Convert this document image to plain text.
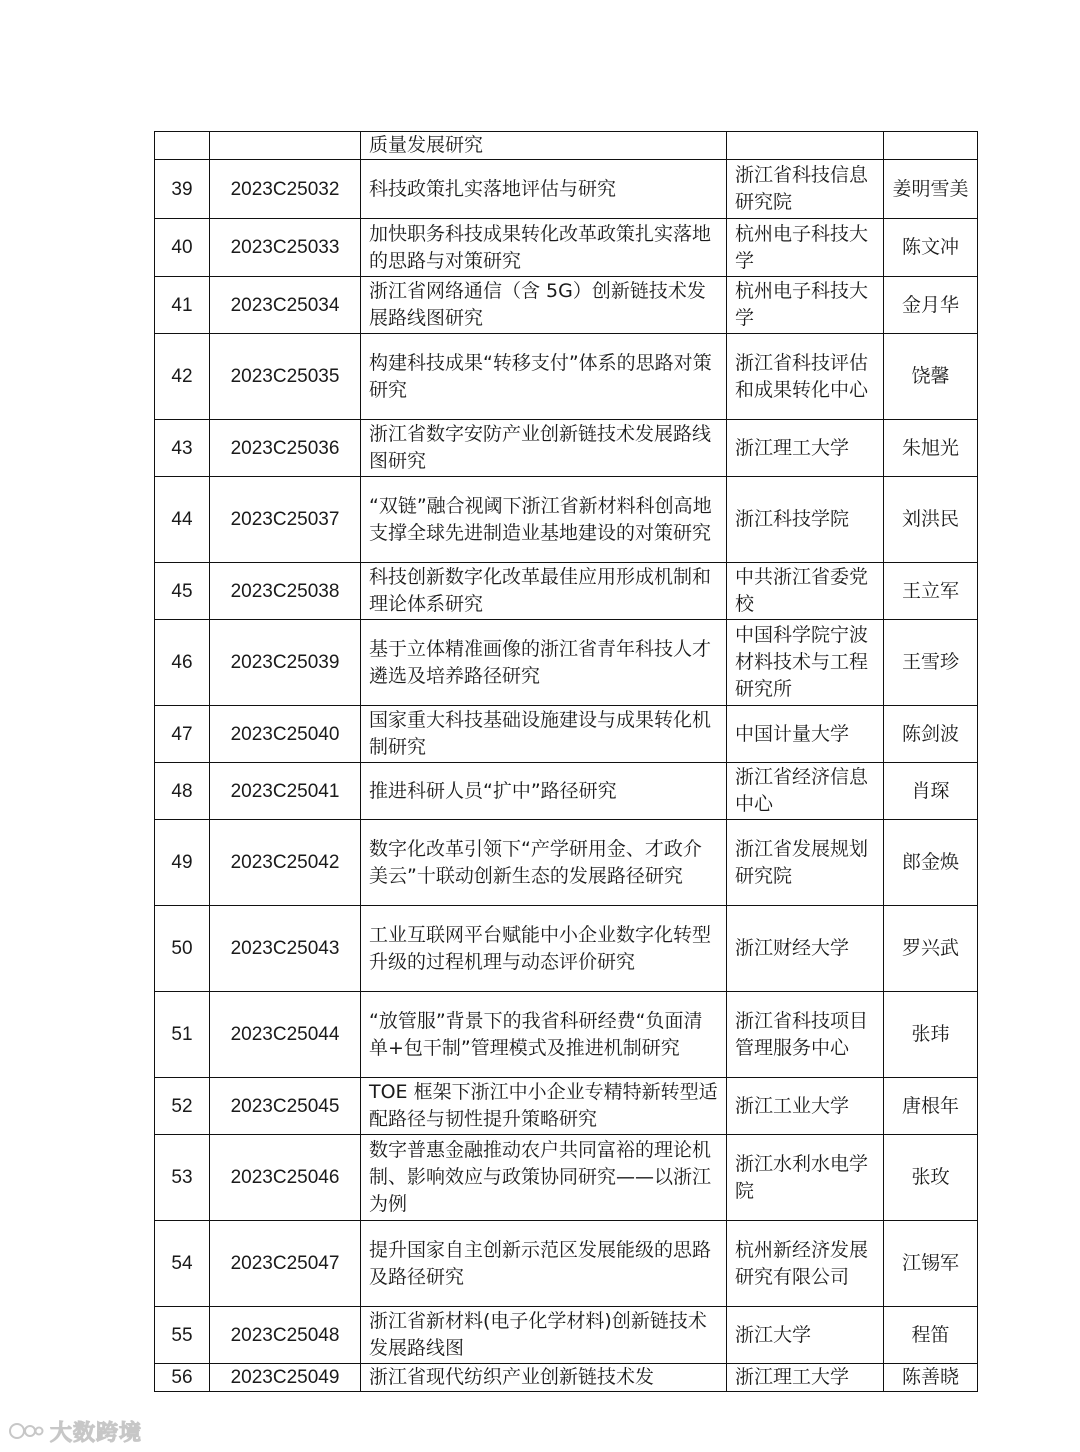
		质量发展研究		
39	2023C25032	科技政策扎实落地评估与研究	浙江省科技信息研究院	姜明雪美
40	2023C25033	加快职务科技成果转化改革政策扎实落地的思路与对策研究	杭州电子科技大学	陈文冲
41	2023C25034	浙江省网络通信（含 5G）创新链技术发展路线图研究	杭州电子科技大学	金月华
42	2023C25035	构建科技成果“转移支付”体系的思路对策研究	浙江省科技评估和成果转化中心	饶馨
43	2023C25036	浙江省数字安防产业创新链技术发展路线图研究	浙江理工大学	朱旭光
44	2023C25037	“双链”融合视阈下浙江省新材料科创高地支撑全球先进制造业基地建设的对策研究	浙江科技学院	刘洪民
45	2023C25038	科技创新数字化改革最佳应用形成机制和理论体系研究	中共浙江省委党校	王立军
46	2023C25039	基于立体精准画像的浙江省青年科技人才遴选及培养路径研究	中国科学院宁波材料技术与工程研究所	王雪珍
47	2023C25040	国家重大科技基础设施建设与成果转化机制研究	中国计量大学	陈剑波
48	2023C25041	推进科研人员“扩中”路径研究	浙江省经济信息中心	肖琛
49	2023C25042	数字化改革引领下“产学研用金、才政介美云”十联动创新生态的发展路径研究	浙江省发展规划研究院	郎金焕
50	2023C25043	工业互联网平台赋能中小企业数字化转型升级的过程机理与动态评价研究	浙江财经大学	罗兴武
51	2023C25044	“放管服”背景下的我省科研经费“负面清单+包干制”管理模式及推进机制研究	浙江省科技项目管理服务中心	张玮
52	2023C25045	TOE 框架下浙江中小企业专精特新转型适配路径与韧性提升策略研究	浙江工业大学	唐根年
53	2023C25046	数字普惠金融推动农户共同富裕的理论机制、影响效应与政策协同研究——以浙江为例	浙江水利水电学院	张玫
54	2023C25047	提升国家自主创新示范区发展能级的思路及路径研究	杭州新经济发展研究有限公司	江锡军
55	2023C25048	浙江省新材料(电子化学材料)创新链技术发展路线图	浙江大学	程笛
56	2023C25049	浙江省现代纺织产业创新链技术发	浙江理工大学	陈善晓
大数跨境
